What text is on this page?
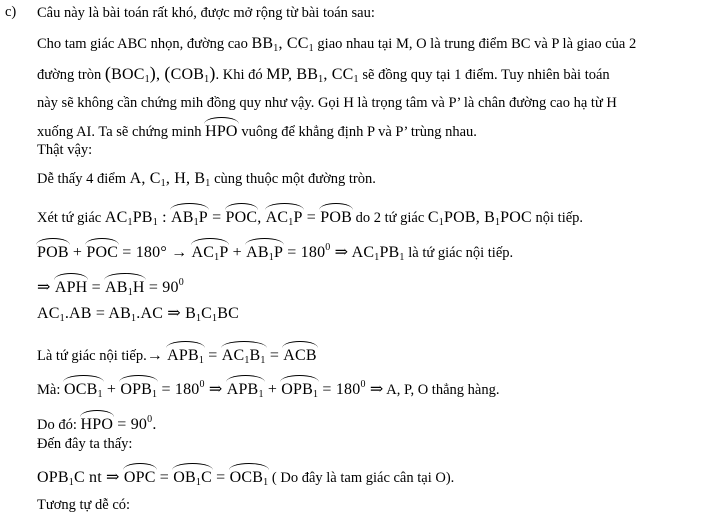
c) Câu này là bài toán rất khó, được mở rộng từ bài toán sau:
Cho tam giác ABC nhọn, đường cao $BB_1$, $CC_1$ giao nhau tại M, O là trung điểm BC và P là giao của 2
đường tròn $(BOC_1)$, $(COB_1)$. Khi đó MP, $BB_1$, $CC_1$ sẽ đồng quy tại 1 điểm. Tuy nhiên bài toán
này sẽ không cần chứng mih đồng quy như vậy. Gọi H là trọng tâm và P’ là chân đường cao hạ từ H
xuống AI. Ta sẽ chứng minh HPO vuông để khẳng định P và P’ trùng nhau.
Thật vậy:
Dễ thấy 4 điểm A, $C_1$, H, $B_1$ cùng thuộc một đường tròn.
Xét tứ giác $AC_1PB_1$ : $AB_1P$ = POC, $AC_1P$ = POB do 2 tứ giác $C_1POB$, $B_1POC$ nội tiếp.
POB + POC = $180^\circ \to AC_1P + AB_1P = 180^0$ ⇒ $AC_1PB_1$ là tứ giác nội tiếp.
⇒ APH = $AB_1H = 90^0$
$AC_1.AB = AB_1.AC$ ⇒ $B_1C_1BC$
Là tứ giác nội tiếp.→ $APB_1 = AC_1B_1$ = ACB
Mà: $OCB_1 + OPB_1 = 180^0$ ⇒ $APB_1 + OPB_1 = 180^0$ ⇒ A, P, O thẳng hàng.
Do đó: HPO = $90^0$.
Đến đây ta thấy:
$OPB_1C$ nt ⇒ OPC = $OB_1C = OCB_1$ ( Do đây là tam giác cân tại O).
Tương tự dễ có:
